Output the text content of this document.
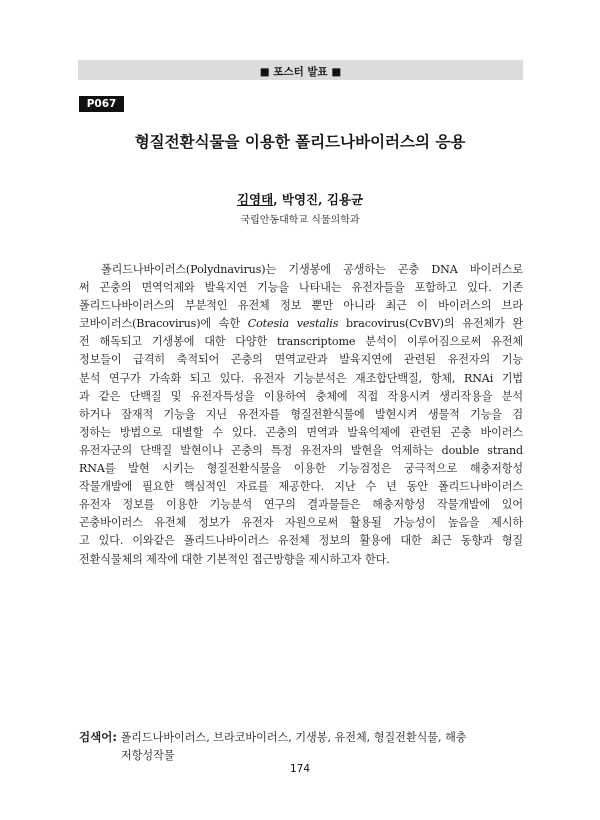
■ 포스터 발표 ■
P067
형질전환식물을 이용한 폴리드나바이러스의 응용
김영태, 박영진, 김용균
국립안동대학교 식물의학과
폴리드나바이러스(Polydnavirus)는 기생봉에 공생하는 곤충 DNA 바이러스로
써 곤충의 면역억제와 발육지연 기능을 나타내는 유전자들을 포함하고 있다. 기존
폴리드나바이러스의 부분적인 유전체 정보 뿐만 아니라 최근 이 바이러스의 브라
코바이러스(Bracovirus)에 속한 Cotesia vestalis bracovirus(CvBV)의 유전체가 완
전 해독되고 기생봉에 대한 다양한 transcriptome 분석이 이루어짐으로써 유전체
정보들이 급격히 축적되어 곤충의 면역교란과 발육지연에 관련된 유전자의 기능
분석 연구가 가속화 되고 있다. 유전자 기능분석은 재조합단백질, 항체, RNAi 기법
과 같은 단백질 및 유전자특성을 이용하여 충체에 직접 작용시켜 생리작용을 분석
하거나 잠재적 기능을 지닌 유전자를 형질전환식물에 발현시켜 생물적 기능을 검
정하는 방법으로 대별할 수 있다. 곤충의 면역과 발육억제에 관련된 곤충 바이러스
유전자군의 단백질 발현이나 곤충의 특정 유전자의 발현을 억제하는 double strand
RNA를 발현 시키는 형질전환식물을 이용한 기능검정은 궁극적으로 해충저항성
작물개발에 필요한 핵심적인 자료를 제공한다. 지난 수 년 동안 폴리드나바이러스
유전자 정보를 이용한 기능분석 연구의 결과물들은 해충저항성 작물개발에 있어
곤충바이러스 유전체 정보가 유전자 자원으로써 활용될 가능성이 높음을 제시하
고 있다. 이와같은 폴리드나바이러스 유전체 정보의 활용에 대한 최근 동향과 형질
전환식물체의 제작에 대한 기본적인 접근방향을 제시하고자 한다.
검색어: 폴리드나바이러스, 브라코바이러스, 기생봉, 유전체, 형질전환식물, 해충
저항성작물
174
